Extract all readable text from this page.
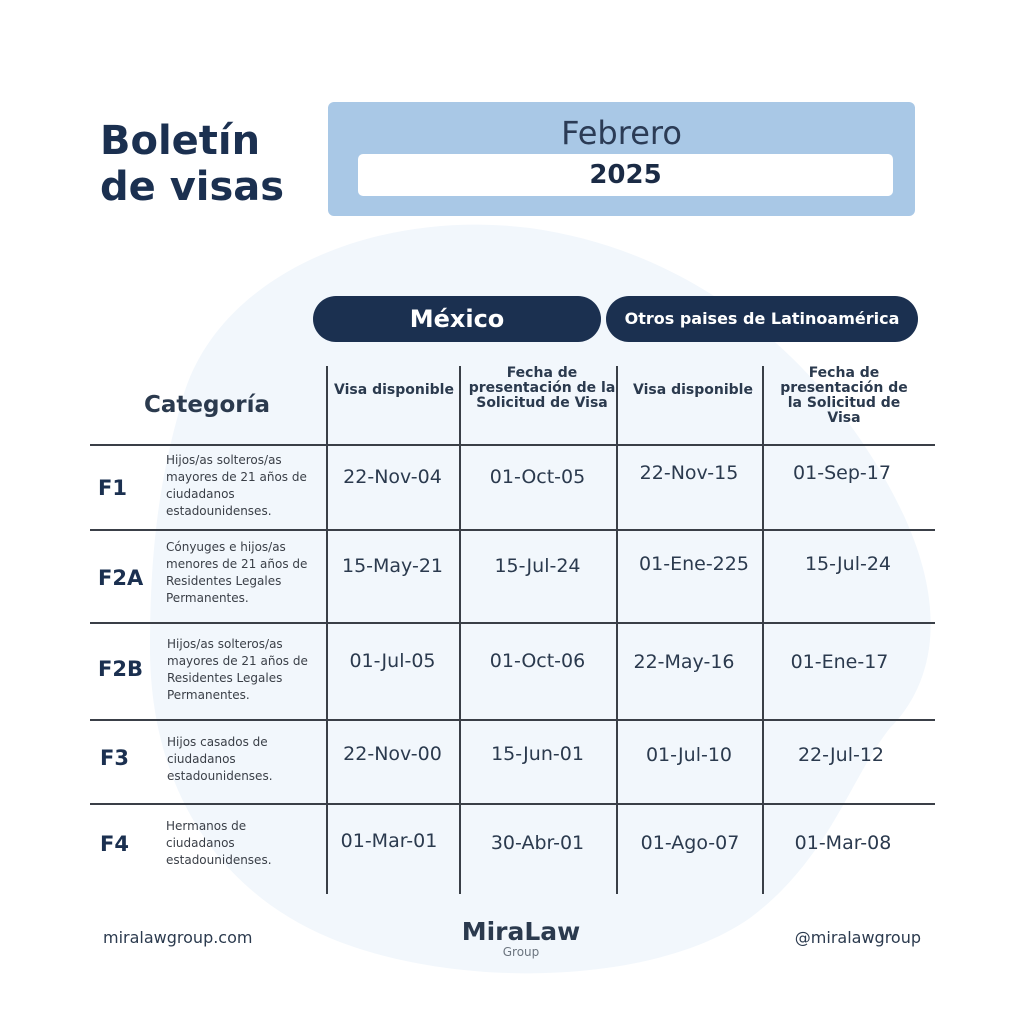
Boletín
de visas
Febrero
2025
México	Otros paises de Latinoamérica
Categoría
Visa disponible
Fecha de presentación de la Solicitud de Visa
Visa disponible
Fecha de presentación de la Solicitud de Visa
F1
Hijos/as solteros/as mayores de 21 años de ciudadanos estadounidenses.
22-Nov-04	01-Oct-05	22-Nov-15	01-Sep-17
F2A
Cónyuges e hijos/as menores de 21 años de Residentes Legales Permanentes.
15-May-21	15-Jul-24	01-Ene-225	15-Jul-24
F2B
Hijos/as solteros/as mayores de 21 años de Residentes Legales Permanentes.
01-Jul-05	01-Oct-06	22-May-16	01-Ene-17
F3
Hijos casados de ciudadanos estadounidenses.
22-Nov-00	15-Jun-01	01-Jul-10	22-Jul-12
F4
Hermanos de ciudadanos estadounidenses.
01-Mar-01	30-Abr-01	01-Ago-07	01-Mar-08
miralawgroup.com	MiraLaw
Group
@miralawgroup
